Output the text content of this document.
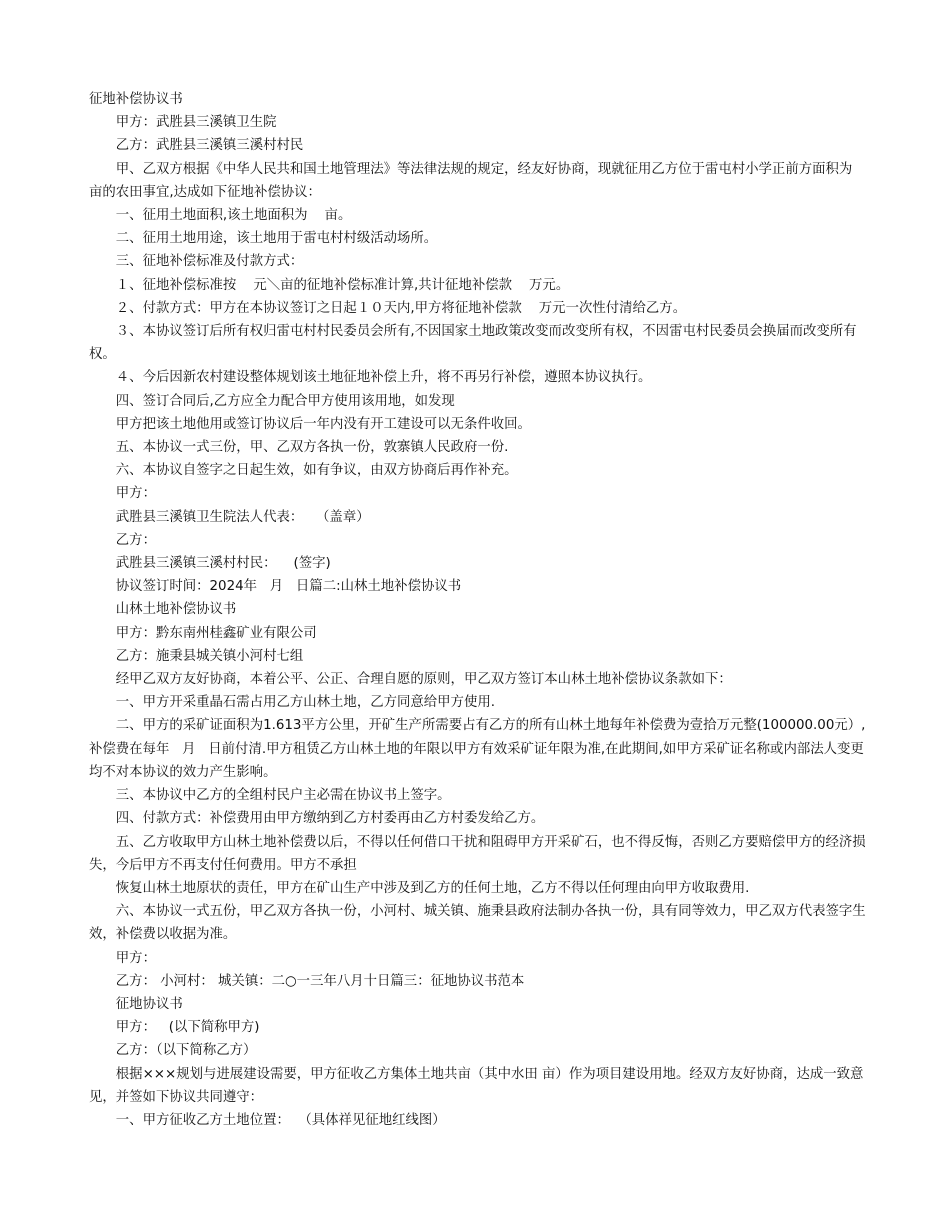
征地补偿协议书

甲方：武胜县三溪镇卫生院

乙方：武胜县三溪镇三溪村村民

甲、乙双方根据《中华人民共和国土地管理法》等法律法规的规定，经友好协商，现就征用乙方位于雷屯村小学正前方面积为    亩的农田事宜,达成如下征地补偿协议：

一、征用土地面积,该土地面积为    亩。

二、征用土地用途，该土地用于雷屯村村级活动场所。

三、征地补偿标准及付款方式：

１、征地补偿标准按    元＼亩的征地补偿标准计算,共计征地补偿款    万元。

２、付款方式：甲方在本协议签订之日起１０天内,甲方将征地补偿款    万元一次性付清给乙方。

３、本协议签订后所有权归雷屯村村民委员会所有,不因国家土地政策改变而改变所有权，不因雷屯村民委员会换届而改变所有权。

４、今后因新农村建设整体规划该土地征地补偿上升，将不再另行补偿，遵照本协议执行。

四、签订合同后,乙方应全力配合甲方使用该用地，如发现

甲方把该土地他用或签订协议后一年内没有开工建设可以无条件收回。

五、本协议一式三份，甲、乙双方各执一份，敦寨镇人民政府一份.

六、本协议自签字之日起生效，如有争议，由双方协商后再作补充。

甲方：

武胜县三溪镇卫生院法人代表：   （盖章）

乙方：

武胜县三溪镇三溪村村民：    (签字)

协议签订时间：2024年   月   日篇二:山林土地补偿协议书

山林土地补偿协议书

甲方：黔东南州桂鑫矿业有限公司

乙方：施秉县城关镇小河村七组

经甲乙双方友好协商，本着公平、公正、合理自愿的原则，甲乙双方签订本山林土地补偿协议条款如下：

一、甲方开采重晶石需占用乙方山林土地，乙方同意给甲方使用.

二、甲方的采矿证面积为1.613平方公里，开矿生产所需要占有乙方的所有山林土地每年补偿费为壹拾万元整(100000.00元）,补偿费在每年   月   日前付清.甲方租赁乙方山林土地的年限以甲方有效采矿证年限为准,在此期间,如甲方采矿证名称或内部法人变更均不对本协议的效力产生影响。

三、本协议中乙方的全组村民户主必需在协议书上签字。

四、付款方式：补偿费用由甲方缴纳到乙方村委再由乙方村委发给乙方。

五、乙方收取甲方山林土地补偿费以后，不得以任何借口干扰和阻碍甲方开采矿石，也不得反悔，否则乙方要赔偿甲方的经济损失，今后甲方不再支付任何费用。甲方不承担

恢复山林土地原状的责任，甲方在矿山生产中涉及到乙方的任何土地，乙方不得以任何理由向甲方收取费用.

六、本协议一式五份，甲乙双方各执一份，小河村、城关镇、施秉县政府法制办各执一份，具有同等效力，甲乙双方代表签字生效，补偿费以收据为准。

甲方：

乙方： 小河村： 城关镇：二○一三年八月十日篇三：征地协议书范本

征地协议书

甲方：   (以下简称甲方)

乙方：（以下简称乙方）

根据×××规划与进展建设需要，甲方征收乙方集体土地共亩（其中水田 亩）作为项目建设用地。经双方友好协商，达成一致意见，并签如下协议共同遵守：

一、甲方征收乙方土地位置：  （具体祥见征地红线图）
